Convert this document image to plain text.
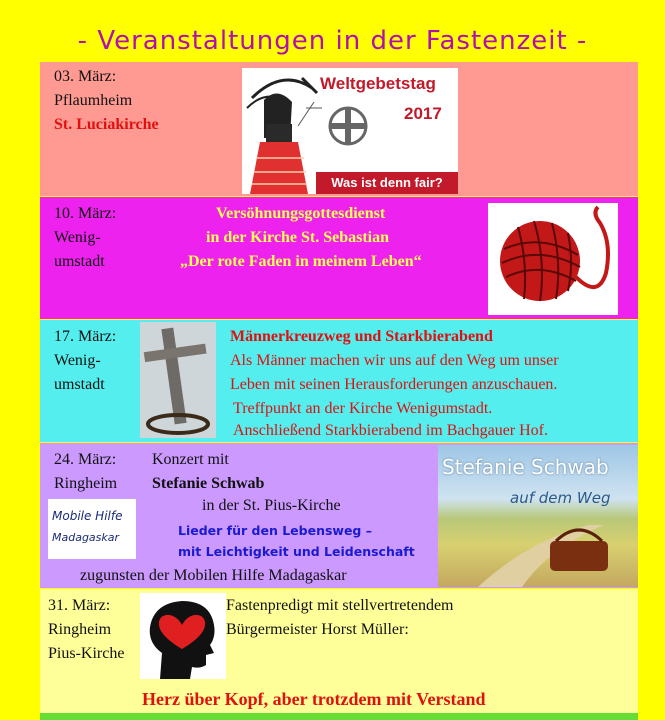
- Veranstaltungen in der Fastenzeit -
03. März:
Pflaumheim
St. Luciakirche
Weltgebetstag
2017
Was ist denn fair?
10. März:
Wenig-
umstadt
Versöhnungsgottesdienst
in der Kirche St. Sebastian
„Der rote Faden in meinem Leben“
17. März:
Wenig-
umstadt
Männerkreuzweg und Starkbierabend
Als Männer machen wir uns auf den Weg um unser
Leben mit seinen Herausforderungen anzuschauen.
Treffpunkt an der Kirche Wenigumstadt.
Anschließend Starkbierabend im Bachgauer Hof.
24. März:
Ringheim
Konzert mit
Stefanie Schwab
in der St. Pius-Kirche
Mobile Hilfe
Madagaskar	Lieder für den Lebensweg –
mit Leichtigkeit und Leidenschaft
zugunsten der Mobilen Hilfe Madagaskar
Stefanie Schwab
auf dem Weg
31. März:
Ringheim
Pius-Kirche
Fastenpredigt mit stellvertretendem
Bürgermeister Horst Müller:
Herz über Kopf, aber trotzdem mit Verstand
